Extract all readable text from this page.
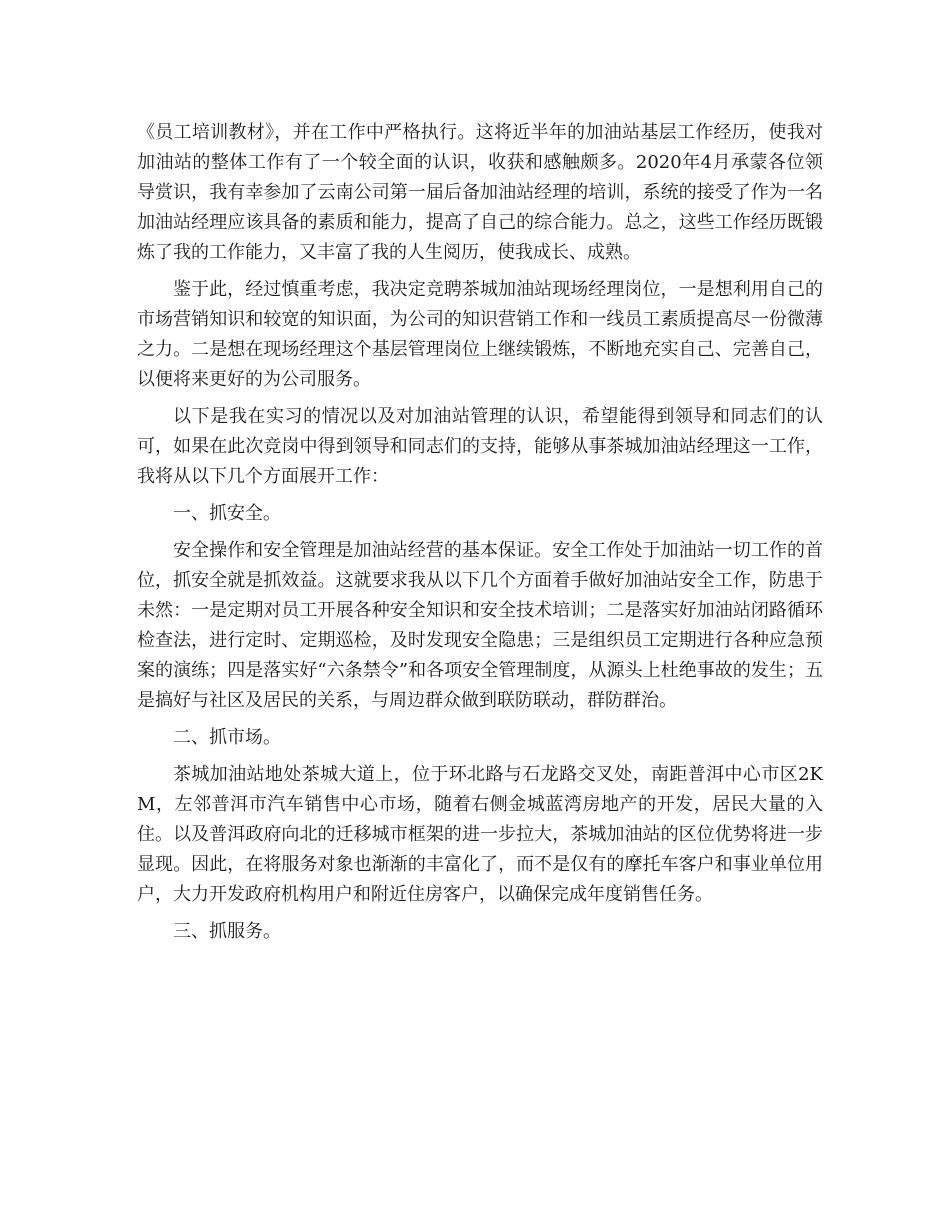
《员工培训教材》，并在工作中严格执行。这将近半年的加油站基层工作经历，使我对加油站的整体工作有了一个较全面的认识，收获和感触颇多。2020年4月承蒙各位领导赏识，我有幸参加了云南公司第一届后备加油站经理的培训，系统的接受了作为一名加油站经理应该具备的素质和能力，提高了自己的综合能力。总之，这些工作经历既锻炼了我的工作能力，又丰富了我的人生阅历，使我成长、成熟。

鉴于此，经过慎重考虑，我决定竞聘茶城加油站现场经理岗位，一是想利用自己的市场营销知识和较宽的知识面，为公司的知识营销工作和一线员工素质提高尽一份微薄之力。二是想在现场经理这个基层管理岗位上继续锻炼，不断地充实自己、完善自己，以便将来更好的为公司服务。

以下是我在实习的情况以及对加油站管理的认识，希望能得到领导和同志们的认可，如果在此次竞岗中得到领导和同志们的支持，能够从事茶城加油站经理这一工作，我将从以下几个方面展开工作：

一、抓安全。

安全操作和安全管理是加油站经营的基本保证。安全工作处于加油站一切工作的首位，抓安全就是抓效益。这就要求我从以下几个方面着手做好加油站安全工作，防患于未然：一是定期对员工开展各种安全知识和安全技术培训；二是落实好加油站闭路循环检查法，进行定时、定期巡检，及时发现安全隐患；三是组织员工定期进行各种应急预案的演练；四是落实好“六条禁令”和各项安全管理制度，从源头上杜绝事故的发生；五是搞好与社区及居民的关系，与周边群众做到联防联动，群防群治。

二、抓市场。

茶城加油站地处茶城大道上，位于环北路与石龙路交叉处，南距普洱中心市区2KM，左邻普洱市汽车销售中心市场，随着右侧金城蓝湾房地产的开发，居民大量的入住。以及普洱政府向北的迁移城市框架的进一步拉大，茶城加油站的区位优势将进一步显现。因此，在将服务对象也渐渐的丰富化了，而不是仅有的摩托车客户和事业单位用户，大力开发政府机构用户和附近住房客户，以确保完成年度销售任务。

三、抓服务。
